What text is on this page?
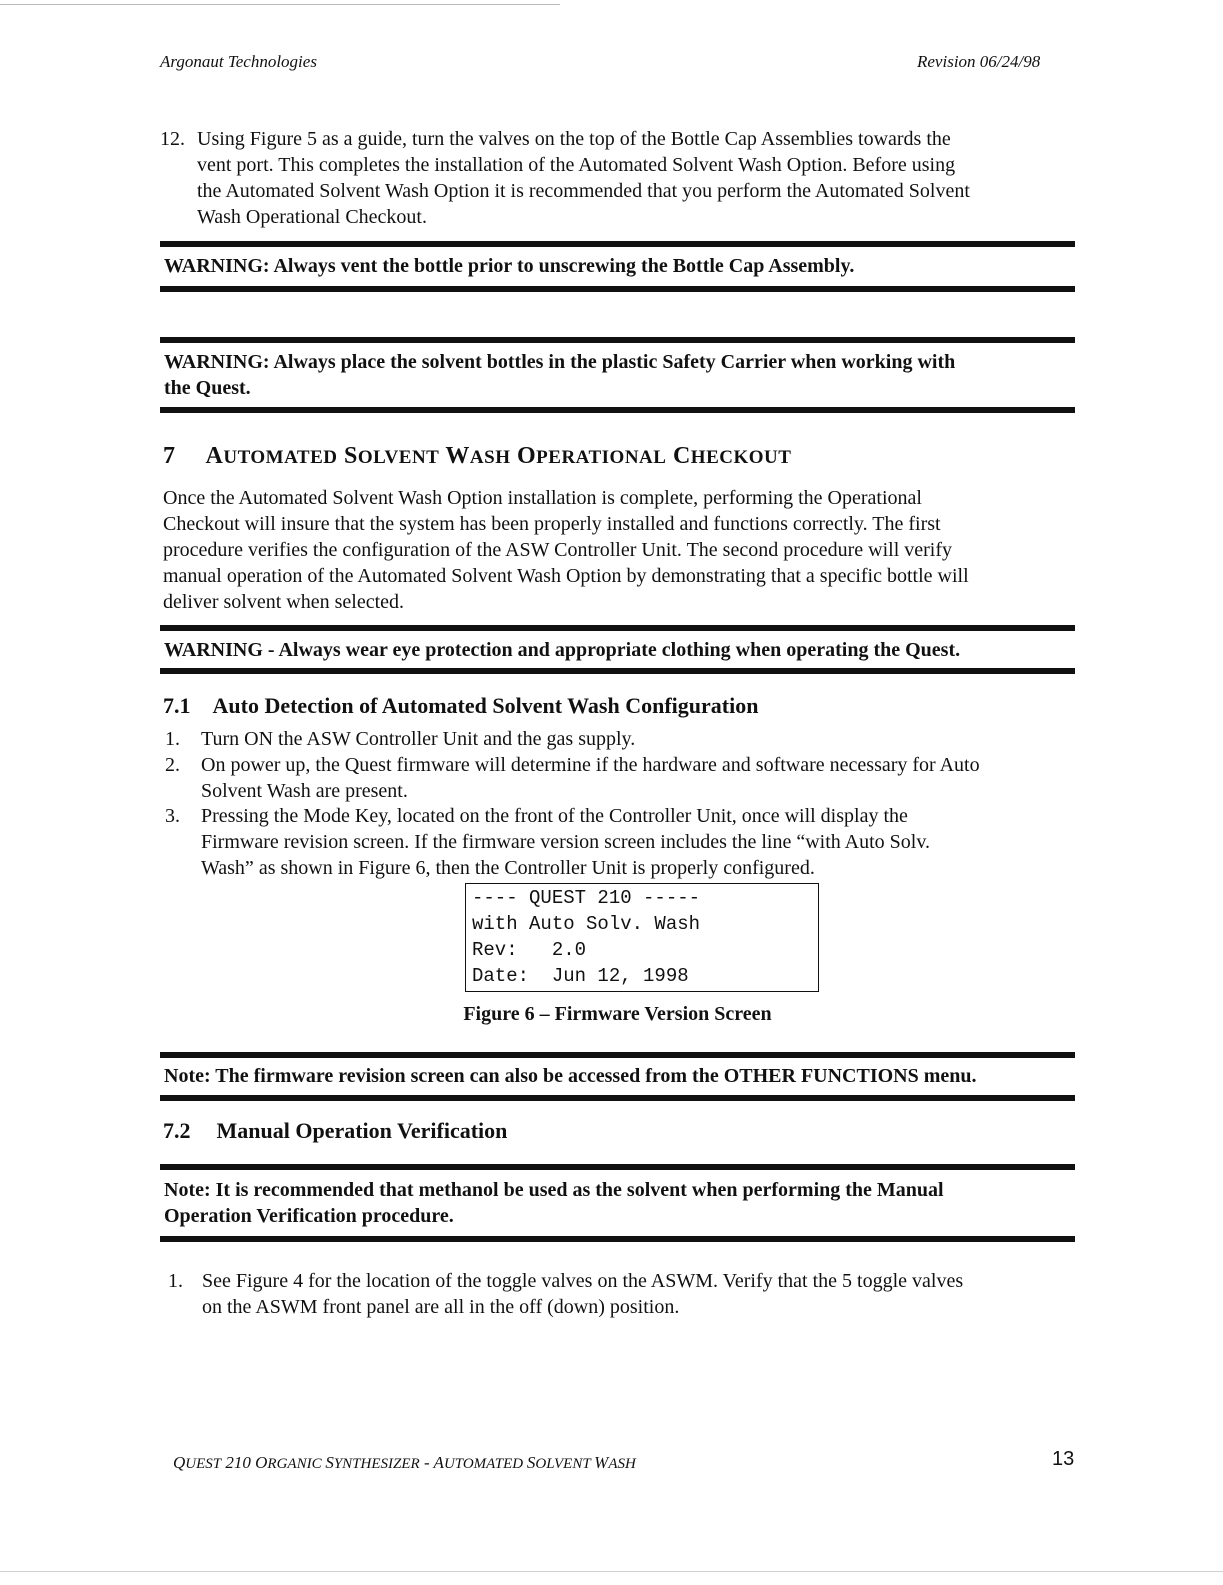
Argonaut Technologies	Revision 06/24/98
12. Using Figure 5 as a guide, turn the valves on the top of the Bottle Cap Assemblies towards the
vent port. This completes the installation of the Automated Solvent Wash Option. Before using
the Automated Solvent Wash Option it is recommended that you perform the Automated Solvent
Wash Operational Checkout.
WARNING: Always vent the bottle prior to unscrewing the Bottle Cap Assembly.
WARNING: Always place the solvent bottles in the plastic Safety Carrier when working with
the Quest.
7 AUTOMATED SOLVENT WASH OPERATIONAL CHECKOUT
Once the Automated Solvent Wash Option installation is complete, performing the Operational
Checkout will insure that the system has been properly installed and functions correctly. The first
procedure verifies the configuration of the ASW Controller Unit. The second procedure will verify
manual operation of the Automated Solvent Wash Option by demonstrating that a specific bottle will
deliver solvent when selected.
WARNING - Always wear eye protection and appropriate clothing when operating the Quest.
7.1 Auto Detection of Automated Solvent Wash Configuration
1. Turn ON the ASW Controller Unit and the gas supply.
2. On power up, the Quest firmware will determine if the hardware and software necessary for Auto
Solvent Wash are present.
3. Pressing the Mode Key, located on the front of the Controller Unit, once will display the
Firmware revision screen. If the firmware version screen includes the line “with Auto Solv.
Wash” as shown in Figure 6, then the Controller Unit is properly configured.
---- QUEST 210 -----
with Auto Solv. Wash
Rev:   2.0
Date:  Jun 12, 1998
Figure 6 – Firmware Version Screen
Note: The firmware revision screen can also be accessed from the OTHER FUNCTIONS menu.
7.2 Manual Operation Verification
Note: It is recommended that methanol be used as the solvent when performing the Manual
Operation Verification procedure.
1. See Figure 4 for the location of the toggle valves on the ASWM. Verify that the 5 toggle valves
on the ASWM front panel are all in the off (down) position.
QUEST 210 ORGANIC SYNTHESIZER - AUTOMATED SOLVENT WASH	13
